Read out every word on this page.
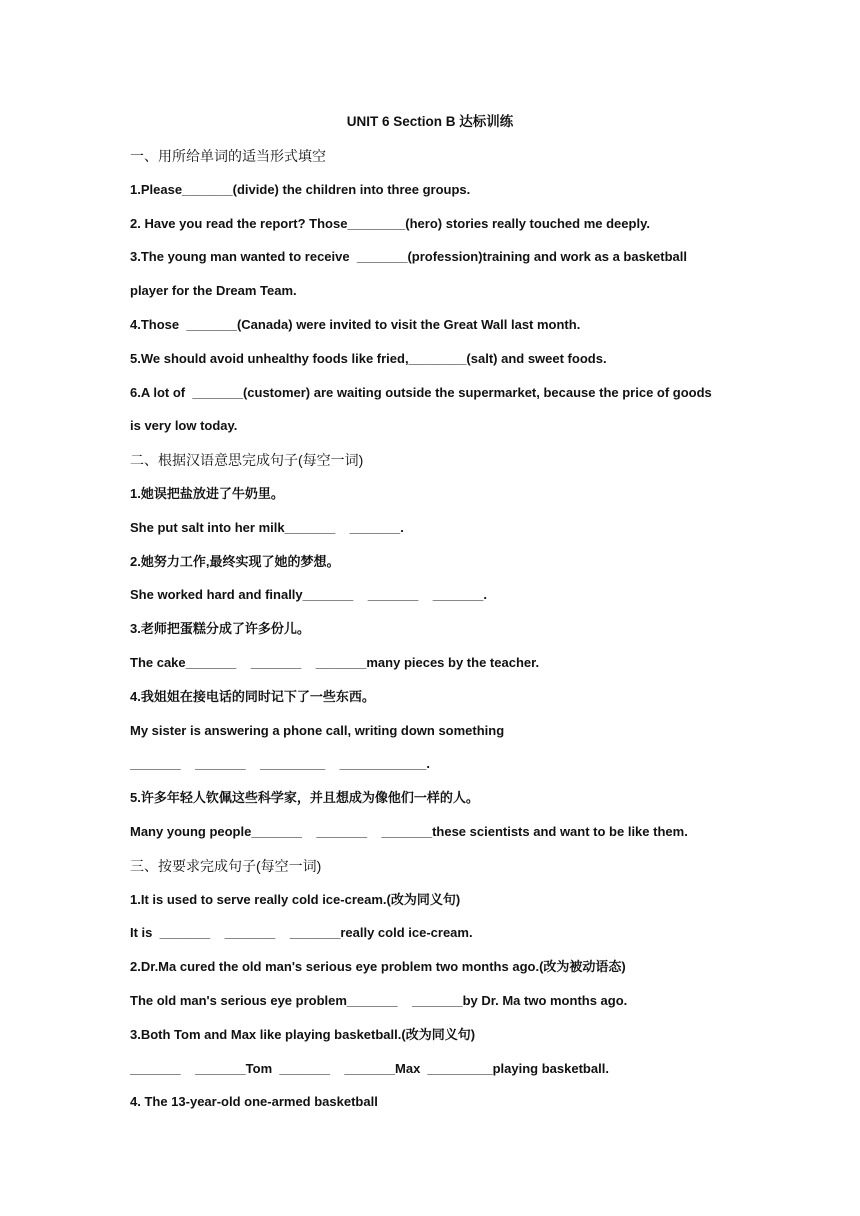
UNIT 6 Section B 达标训练
一、用所给单词的适当形式填空
1.Please_______(divide) the children into three groups.
2. Have you read the report? Those________(hero) stories really touched me deeply.
3.The young man wanted to receive  _______(profession)training and work as a basketball
player for the Dream Team.
4.Those  _______(Canada) were invited to visit the Great Wall last month.
5.We should avoid unhealthy foods like fried,________(salt) and sweet foods.
6.A lot of  _______(customer) are waiting outside the supermarket, because the price of goods
is very low today.
二、根据汉语意思完成句子(每空一词)
1.她误把盐放进了牛奶里。
She put salt into her milk_______    _______.
2.她努力工作,最终实现了她的梦想。
She worked hard and finally_______    _______    _______.
3.老师把蛋糕分成了许多份儿。
The cake_______    _______    _______many pieces by the teacher.
4.我姐姐在接电话的同时记下了一些东西。
My sister is answering a phone call, writing down something
_______    _______    _________    ____________.
5.许多年轻人钦佩这些科学家，并且想成为像他们一样的人。
Many young people_______    _______    _______these scientists and want to be like them.
三、按要求完成句子(每空一词)
1.It is used to serve really cold ice-cream.(改为同义句)
It is  _______    _______    _______really cold ice-cream.
2.Dr.Ma cured the old man's serious eye problem two months ago.(改为被动语态)
The old man's serious eye problem_______    _______by Dr. Ma two months ago.
3.Both Tom and Max like playing basketball.(改为同义句)
_______    _______Tom  _______    _______Max  _________playing basketball.
4. The 13-year-old one-armed basketball
